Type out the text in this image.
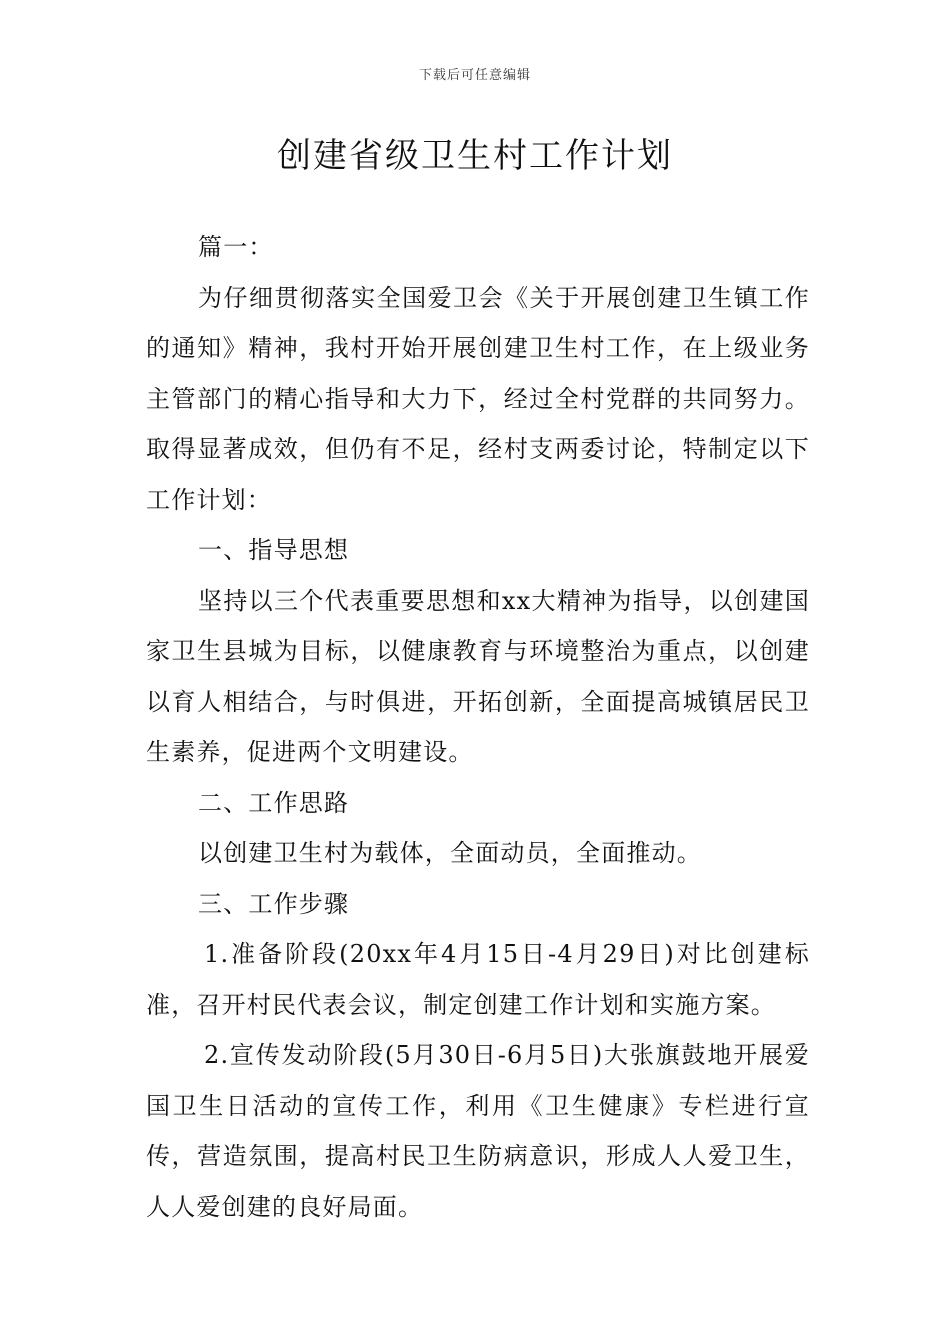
下载后可任意编辑
创建省级卫生村工作计划

篇一：

为仔细贯彻落实全国爱卫会《关于开展创建卫生镇工作的通知》精神，我村开始开展创建卫生村工作，在上级业务主管部门的精心指导和大力下，经过全村党群的共同努力。取得显著成效，但仍有不足，经村支两委讨论，特制定以下工作计划：

一、指导思想

坚持以三个代表重要思想和xx大精神为指导，以创建国家卫生县城为目标，以健康教育与环境整治为重点，以创建以育人相结合，与时俱进，开拓创新，全面提高城镇居民卫生素养，促进两个文明建设。

二、工作思路

以创建卫生村为载体，全面动员，全面推动。

三、工作步骤

1.准备阶段(20xx年4月15日-4月29日)对比创建标准，召开村民代表会议，制定创建工作计划和实施方案。

2.宣传发动阶段(5月30日-6月5日)大张旗鼓地开展爱国卫生日活动的宣传工作，利用《卫生健康》专栏进行宣传，营造氛围，提高村民卫生防病意识，形成人人爱卫生，人人爱创建的良好局面。
